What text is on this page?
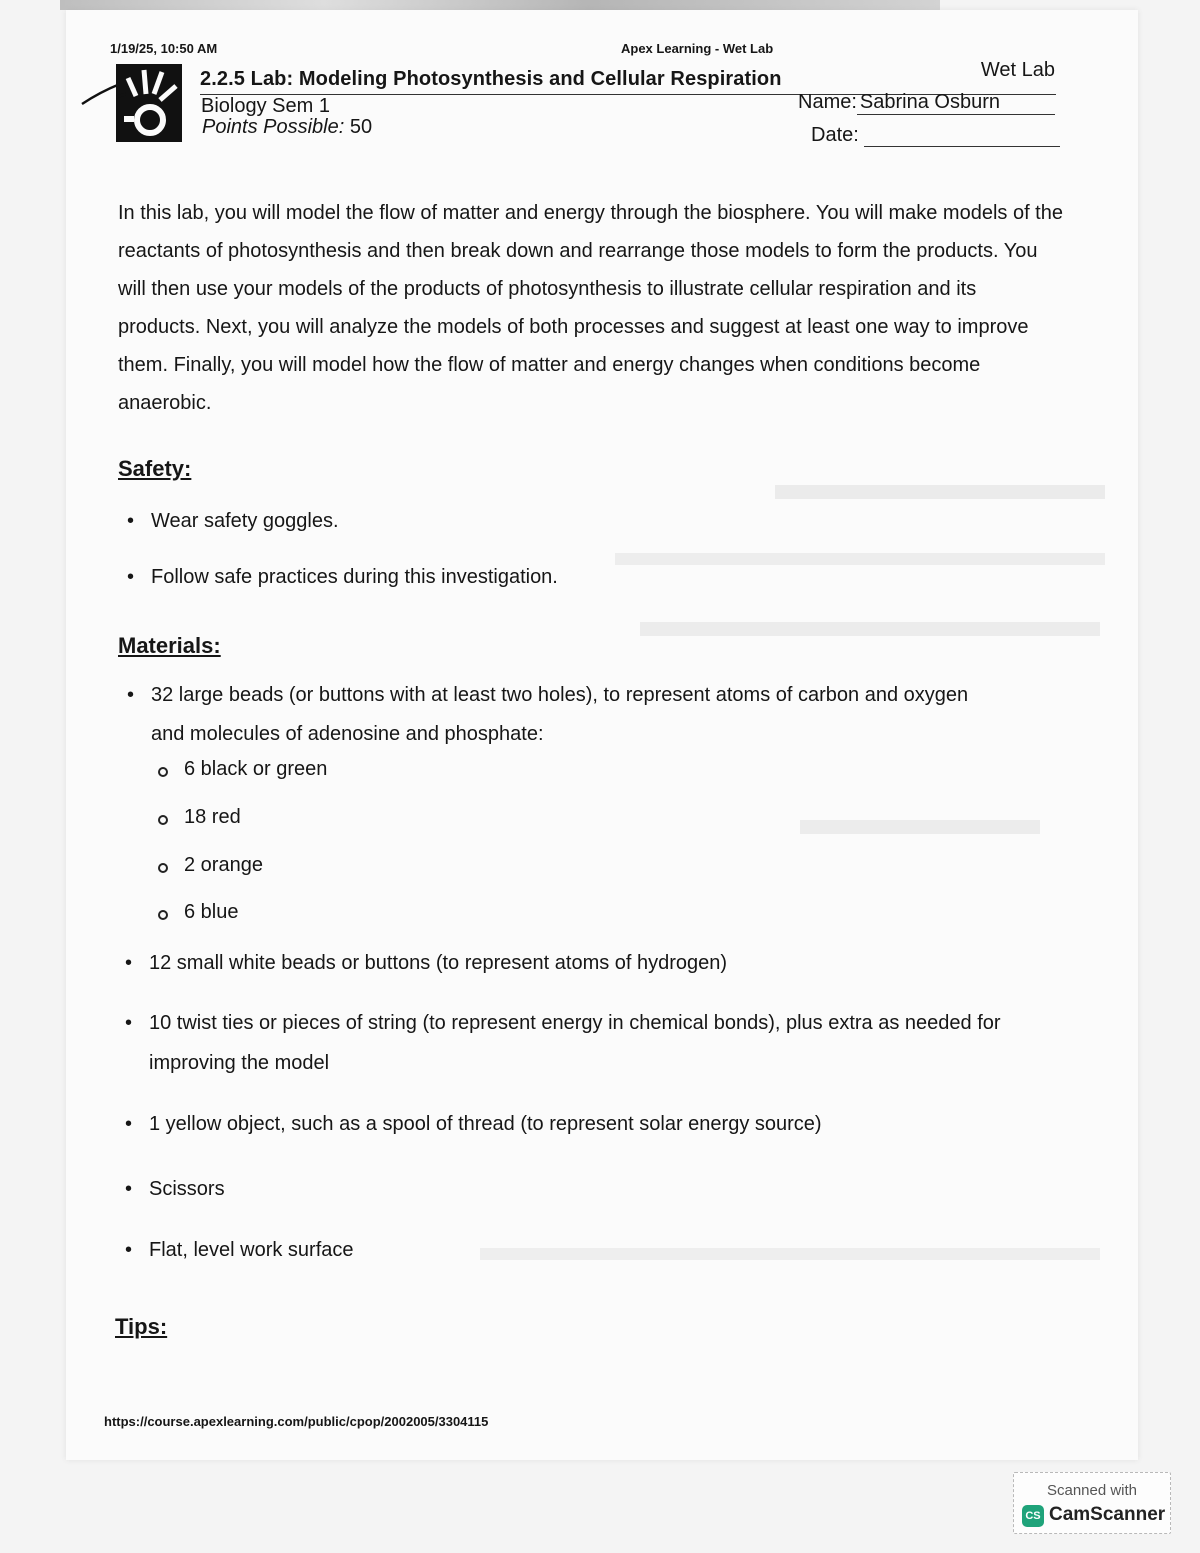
1/19/25, 10:50 AM	Apex Learning - Wet Lab
2.2.5 Lab: Modeling Photosynthesis and Cellular Respiration
Biology Sem 1
Points Possible: 50
Wet Lab
Name: Sabrina Osburn
Date:
In this lab, you will model the flow of matter and energy through the biosphere. You will make models of the reactants of photosynthesis and then break down and rearrange those models to form the products. You will then use your models of the products of photosynthesis to illustrate cellular respiration and its products. Next, you will analyze the models of both processes and suggest at least one way to improve them. Finally, you will model how the flow of matter and energy changes when conditions become anaerobic.
Safety:
• Wear safety goggles.
• Follow safe practices during this investigation.
Materials:
• 32 large beads (or buttons with at least two holes), to represent atoms of carbon and oxygen
and molecules of adenosine and phosphate:
6 black or green
18 red
2 orange
6 blue
• 12 small white beads or buttons (to represent atoms of hydrogen)
• 10 twist ties or pieces of string (to represent energy in chemical bonds), plus extra as needed for
improving the model
• 1 yellow object, such as a spool of thread (to represent solar energy source)
• Scissors
• Flat, level work surface
Tips:
https://course.apexlearning.com/public/cpop/2002005/3304115
Scanned with
CS CamScanner
